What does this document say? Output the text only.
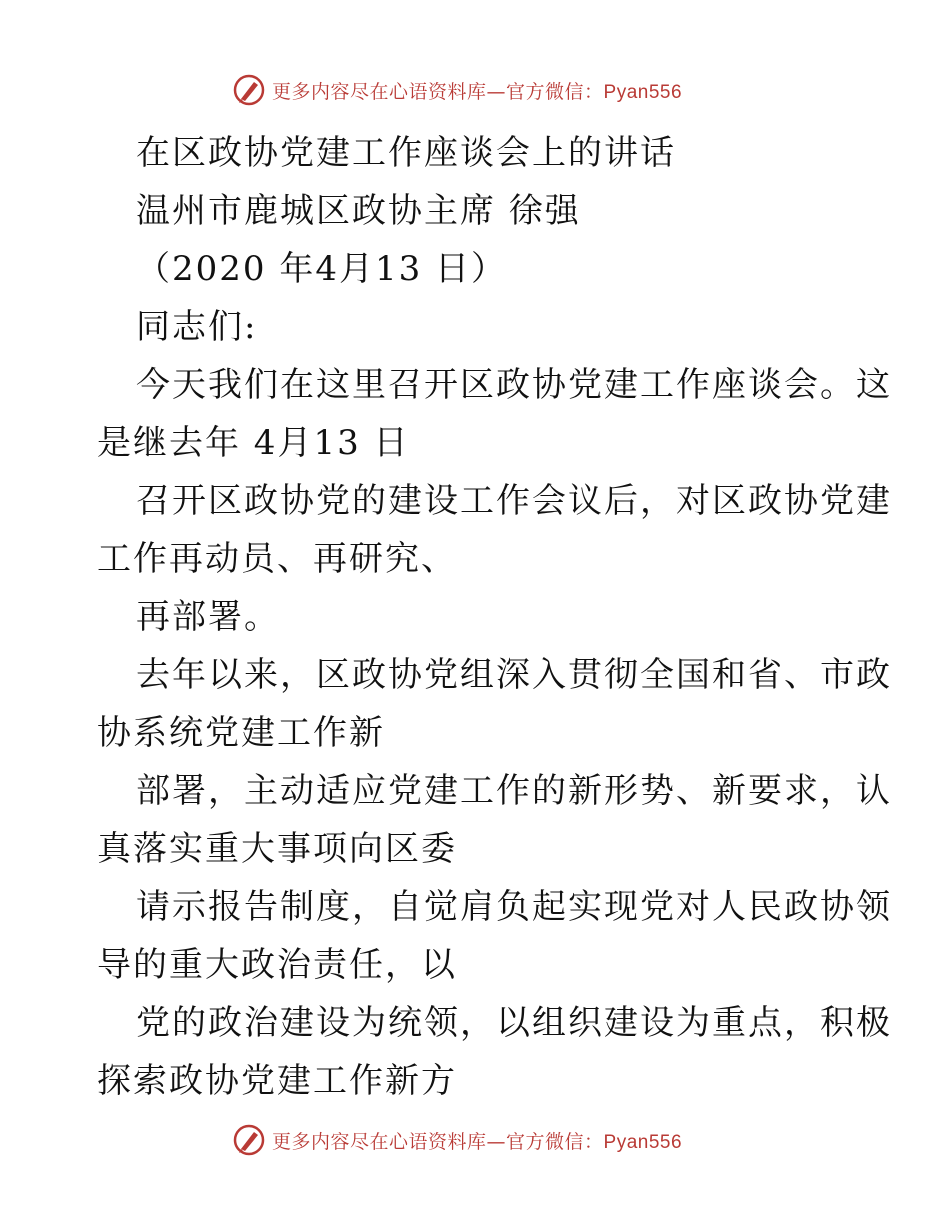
更多内容尽在心语资料库—官方微信：Pyan556
在区政协党建工作座谈会上的讲话
温州市鹿城区政协主席 徐强
（2020 年4月13 日）
同志们:
今天我们在这里召开区政协党建工作座谈会。这
是继去年 4月13 日
召开区政协党的建设工作会议后，对区政协党建
工作再动员、再研究、
再部署。
去年以来，区政协党组深入贯彻全国和省、市政
协系统党建工作新
部署，主动适应党建工作的新形势、新要求，认
真落实重大事项向区委
请示报告制度，自觉肩负起实现党对人民政协领
导的重大政治责任，以
党的政治建设为统领，以组织建设为重点，积极
探索政协党建工作新方
更多内容尽在心语资料库—官方微信：Pyan556
